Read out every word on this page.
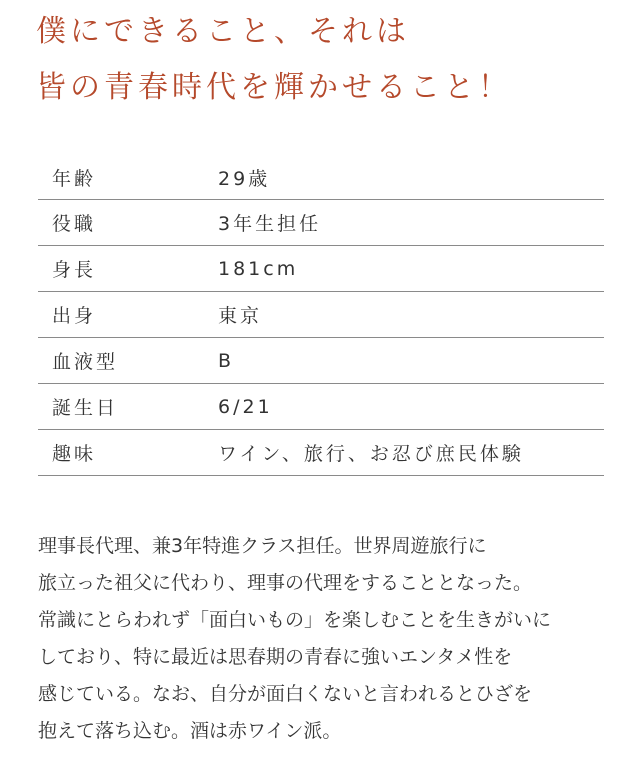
僕にできること、それは
皆の青春時代を輝かせること！
年齢	29歳
役職	3年生担任
身長	181cm
出身	東京
血液型	B
誕生日	6/21
趣味	ワイン、旅行、お忍び庶民体験

理事長代理、兼3年特進クラス担任。世界周遊旅行に
旅立った祖父に代わり、理事の代理をすることとなった。
常識にとらわれず「面白いもの」を楽しむことを生きがいに
しており、特に最近は思春期の青春に強いエンタメ性を
感じている。なお、自分が面白くないと言われるとひざを
抱えて落ち込む。酒は赤ワイン派。
